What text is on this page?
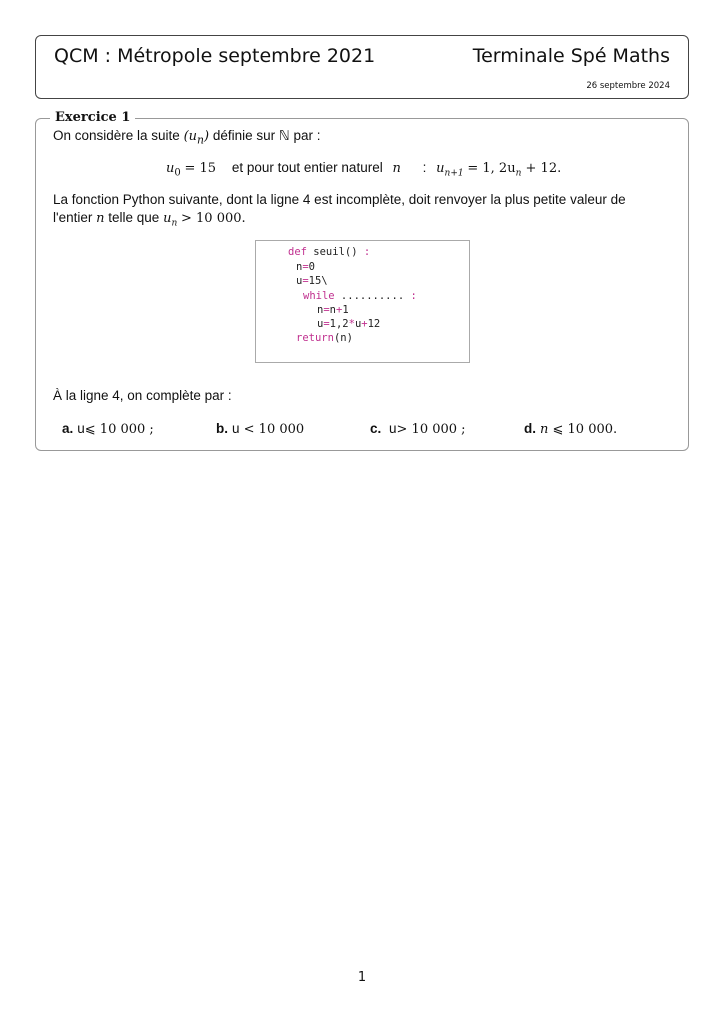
QCM : Métropole septembre 2021	Terminale Spé Maths
26 septembre 2024
Exercice 1
On considère la suite $(u_n)$ définie sur ℕ par :
$u_0 = 15$ et pour tout entier naturel n : $u_{n+1} = 1$, $2u_n + 12$.
La fonction Python suivante, dont la ligne 4 est incomplète, doit renvoyer la plus petite valeur de
l'entier n telle que $u_n > 10$ 000.
def seuil() :
n=0
u=15\
while .......... :
n=n+1
u=1,2*u+12
return(n)
À la ligne 4, on complète par :
a. u⩽ 10 000 ;	b. u < 10 000	c. u> 10 000 ;	d. n ⩽ 10 000.
1
